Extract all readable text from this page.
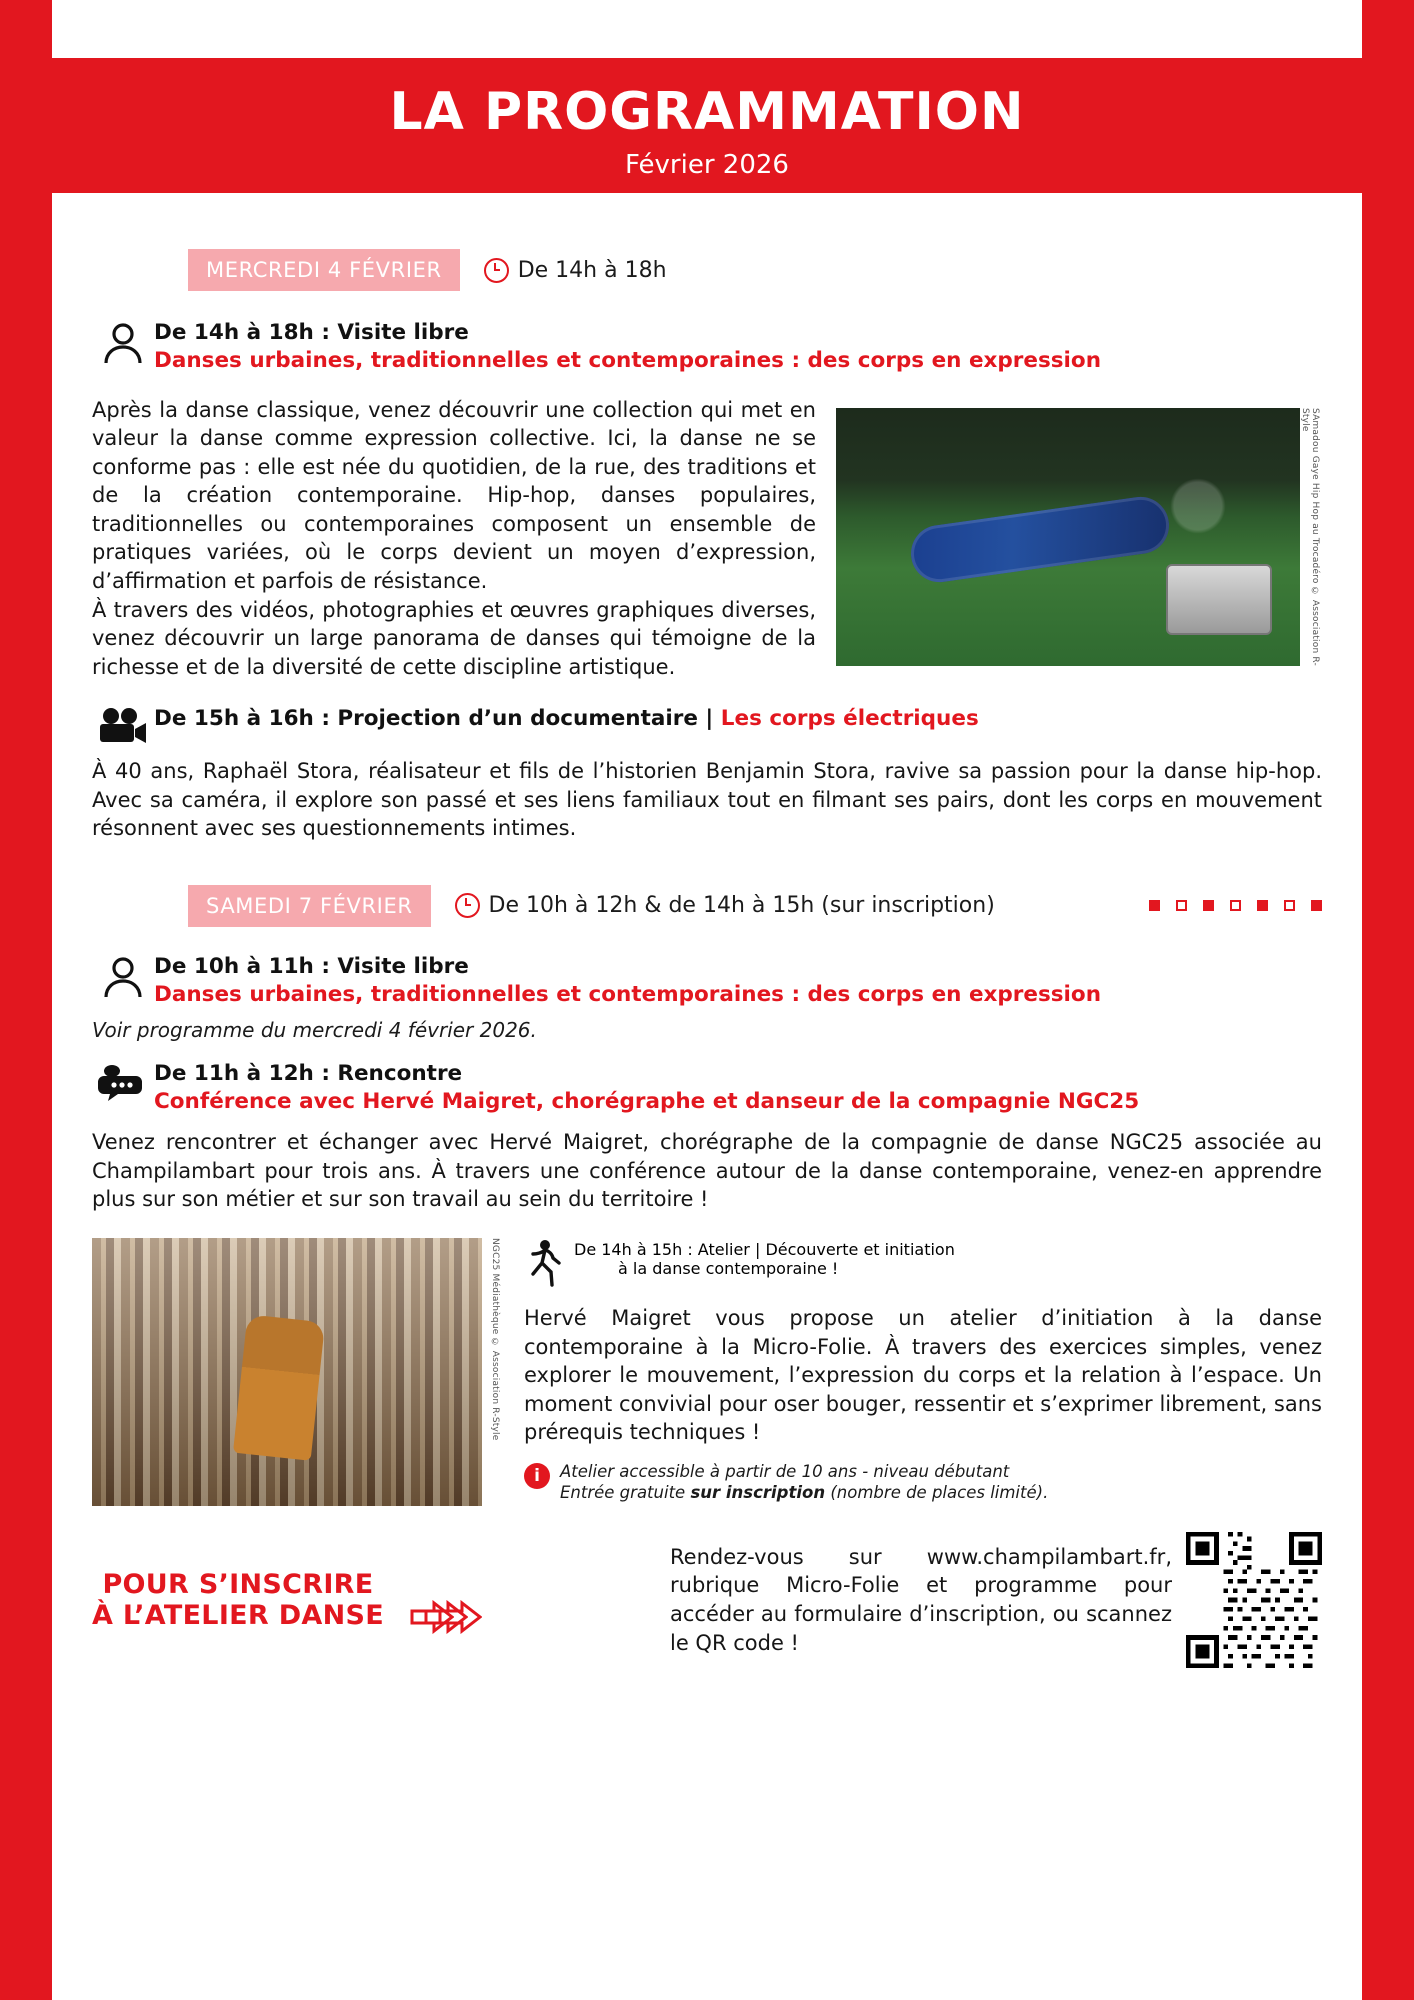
LA PROGRAMMATION
Février 2026
MERCREDI 4 FÉVRIER	De 14h à 18h
De 14h à 18h : Visite libre
Danses urbaines, traditionnelles et contemporaines : des corps en expression
Après la danse classique, venez découvrir une collection qui met en valeur la danse comme expression collective. Ici, la danse ne se conforme pas : elle est née du quotidien, de la rue, des traditions et de la création contemporaine. Hip-hop, danses populaires, traditionnelles ou contemporaines composent un ensemble de pratiques variées, où le corps devient un moyen d’expression, d’affirmation et parfois de résistance.
À travers des vidéos, photographies et œuvres graphiques diverses, venez découvrir un large panorama de danses qui témoigne de la richesse et de la diversité de cette discipline artistique.
SAmadou Gaye Hip Hop au Trocadéro © Association R-Style
De 15h à 16h : Projection d’un documentaire | Les corps électriques
À 40 ans, Raphaël Stora, réalisateur et fils de l’historien Benjamin Stora, ravive sa passion pour la danse hip-hop. Avec sa caméra, il explore son passé et ses liens familiaux tout en filmant ses pairs, dont les corps en mouvement résonnent avec ses questionnements intimes.
SAMEDI 7 FÉVRIER	De 10h à 12h & de 14h à 15h (sur inscription)
De 10h à 11h : Visite libre
Danses urbaines, traditionnelles et contemporaines : des corps en expression
Voir programme du mercredi 4 février 2026.
De 11h à 12h : Rencontre
Conférence avec Hervé Maigret, chorégraphe et danseur de la compagnie NGC25
Venez rencontrer et échanger avec Hervé Maigret, chorégraphe de la compagnie de danse NGC25 associée au Champilambart pour trois ans. À travers une conférence autour de la danse contemporaine, venez-en apprendre plus sur son métier et sur son travail au sein du territoire !
NGC25 Médiathèque © Association R-Style	De 14h à 15h : Atelier | Découverte et initiation
à la danse contemporaine !
Hervé Maigret vous propose un atelier d’initiation à la danse contemporaine à la Micro-Folie. À travers des exercices simples, venez explorer le mouvement, l’expression du corps et la relation à l’espace. Un moment convivial pour oser bouger, ressentir et s’exprimer librement, sans prérequis techniques !
i	Atelier accessible à partir de 10 ans - niveau débutant
Entrée gratuite sur inscription (nombre de places limité).
POUR S’INSCRIRE
À L’ATELIER DANSE
Rendez-vous sur www.champilambart.fr, rubrique Micro-Folie et programme pour accéder au formulaire d’inscription, ou scannez le QR code !
